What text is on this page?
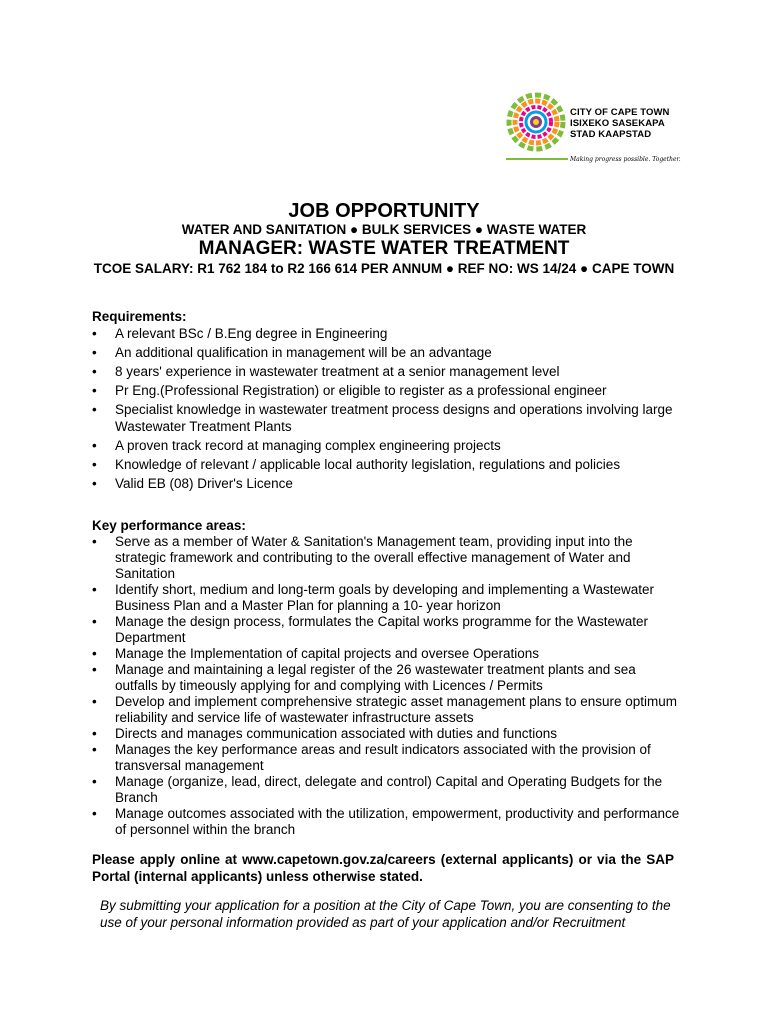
CITY OF CAPE TOWN
ISIXEKO SASEKAPA
STAD KAAPSTAD
Making progress possible. Together.
JOB OPPORTUNITY
WATER AND SANITATION ● BULK SERVICES ● WASTE WATER
MANAGER: WASTE WATER TREATMENT
TCOE SALARY: R1 762 184 to R2 166 614 PER ANNUM ● REF NO: WS 14/24 ● CAPE TOWN
Requirements:
• A relevant BSc / B.Eng degree in Engineering
• An additional qualification in management will be an advantage
• 8 years' experience in wastewater treatment at a senior management level
• Pr Eng.(Professional Registration) or eligible to register as a professional engineer
• Specialist knowledge in wastewater treatment process designs and operations involving large Wastewater Treatment Plants
• A proven track record at managing complex engineering projects
• Knowledge of relevant / applicable local authority legislation, regulations and policies
• Valid EB (08) Driver's Licence
Key performance areas:
• Serve as a member of Water & Sanitation's Management team, providing input into the strategic framework and contributing to the overall effective management of Water and Sanitation
• Identify short, medium and long-term goals by developing and implementing a Wastewater Business Plan and a Master Plan for planning a 10- year horizon
• Manage the design process, formulates the Capital works programme for the Wastewater Department
• Manage the Implementation of capital projects and oversee Operations
• Manage and maintaining a legal register of the 26 wastewater treatment plants and sea outfalls by timeously applying for and complying with Licences / Permits
• Develop and implement comprehensive strategic asset management plans to ensure optimum reliability and service life of wastewater infrastructure assets
• Directs and manages communication associated with duties and functions
• Manages the key performance areas and result indicators associated with the provision of transversal management
• Manage (organize, lead, direct, delegate and control) Capital and Operating Budgets for the Branch
• Manage outcomes associated with the utilization, empowerment, productivity and performance of personnel within the branch
Please apply online at www.capetown.gov.za/careers (external applicants) or via the SAP Portal (internal applicants) unless otherwise stated.
By submitting your application for a position at the City of Cape Town, you are consenting to the use of your personal information provided as part of your application and/or Recruitment
